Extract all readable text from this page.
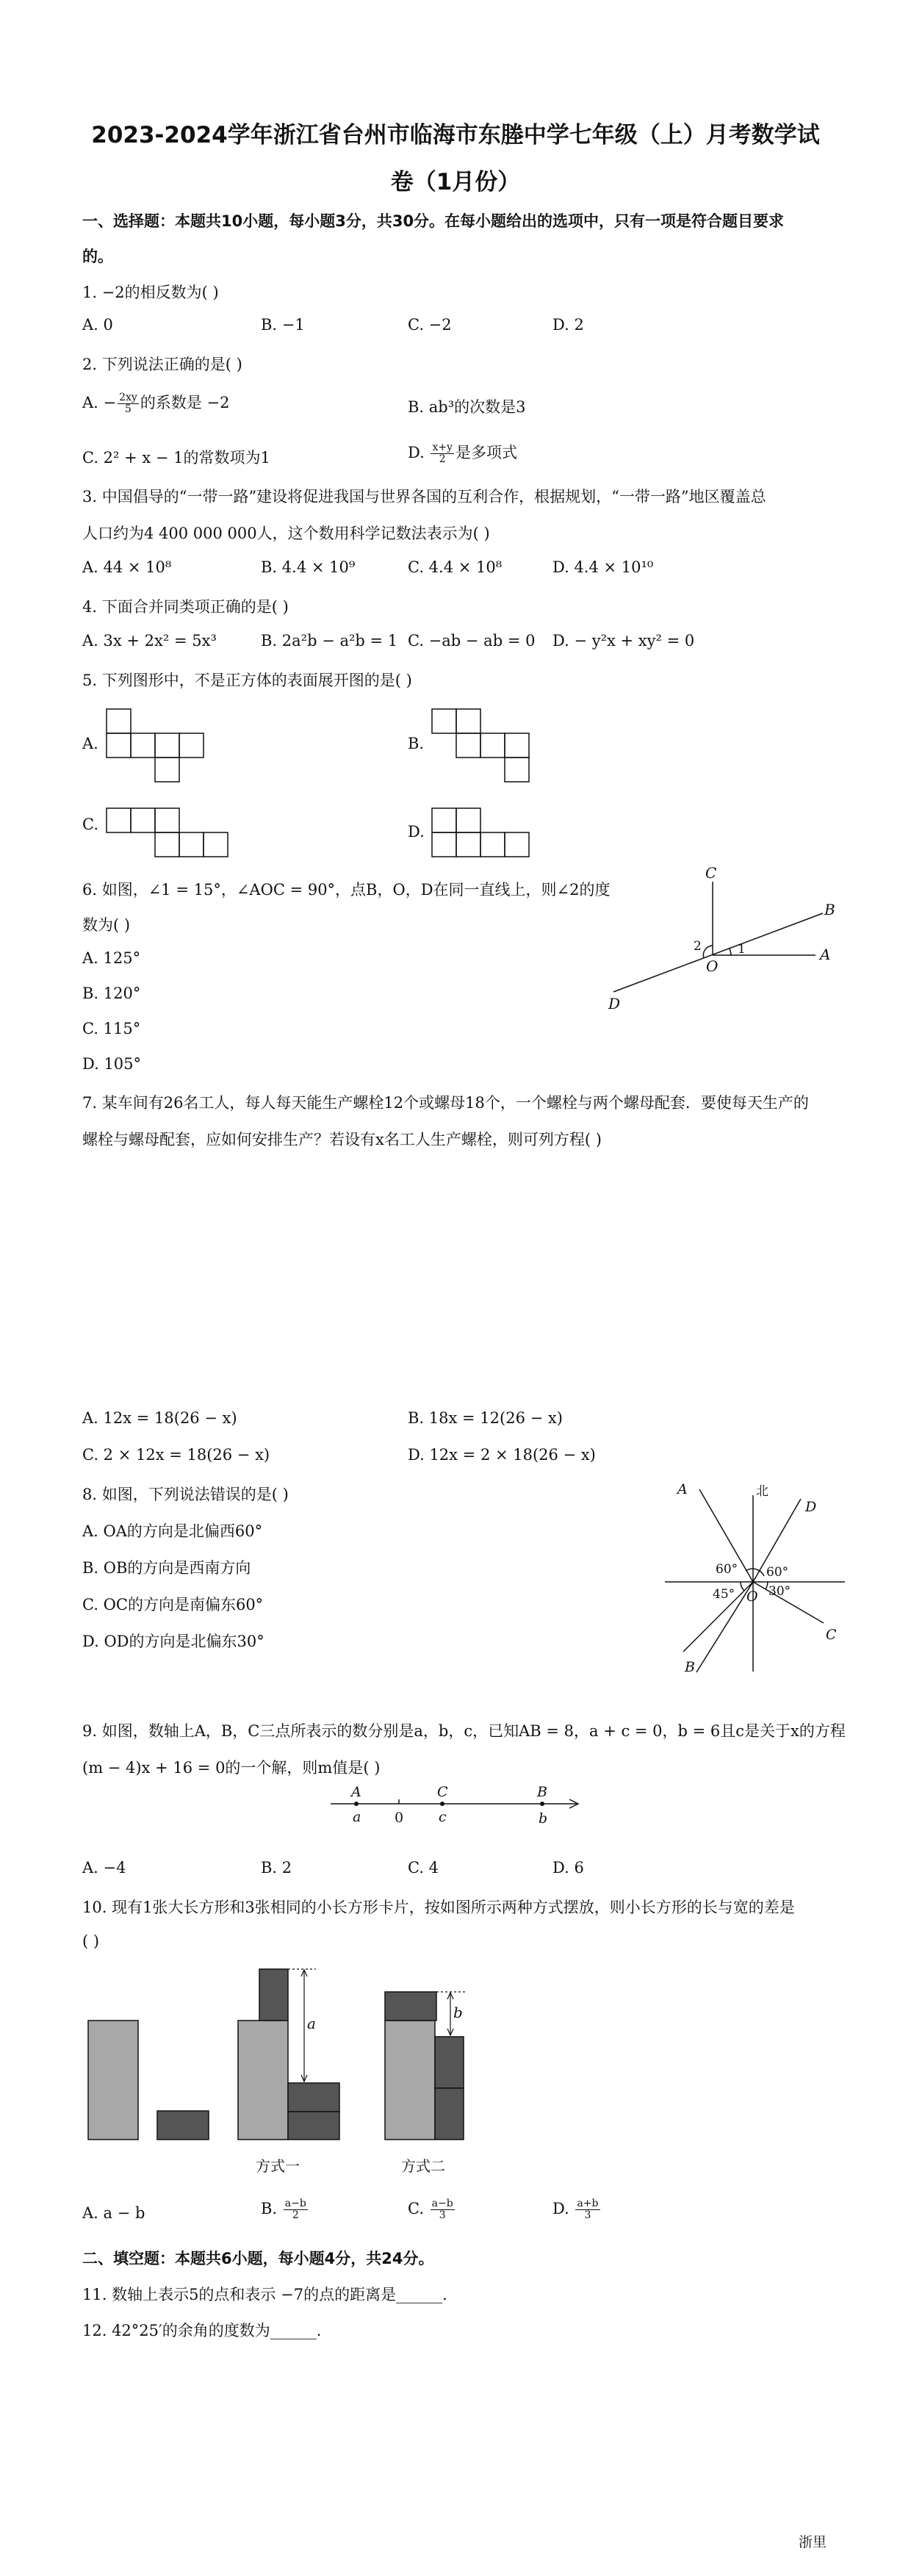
2023-2024学年浙江省台州市临海市东塍中学七年级（上）月考数学试
卷（1月份）
一、选择题：本题共10小题，每小题3分，共30分。在每小题给出的选项中，只有一项是符合题目要求
的。
1. −2的相反数为( )
A. 0	B. −1	C. −2	D. 2
2. 下列说法正确的是( )
A. − $\frac{2xy}{5}$ 的系数是 −2	B. ab³的次数是3
C. 2² + x − 1的常数项为1	D. $\frac{x+y}{2}$ 是多项式
3. 中国倡导的“一带一路”建设将促进我国与世界各国的互利合作，根据规划，“一带一路”地区覆盖总
人口约为4 400 000 000人，这个数用科学记数法表示为( )
A. 44 × 10⁸	B. 4.4 × 10⁹	C. 4.4 × 10⁸	D. 4.4 × 10¹⁰
4. 下面合并同类项正确的是( )
A. 3x + 2x² = 5x³	B. 2a²b − a²b = 1 C. −ab − ab = 0 D. − y²x + xy² = 0
5. 下列图形中，不是正方体的表面展开图的是( )
A.	B.
C.	D.
6. 如图，∠1 = 15°，∠AOC = 90°，点B，O，D在同一直线上，则∠2的度
数为( )
A. 125°
B. 120°
C. 115°
D. 105°
C
B
A
D
O
1
2
7. 某车间有26名工人，每人每天能生产螺栓12个或螺母18个，一个螺栓与两个螺母配套．要使每天生产的
螺栓与螺母配套，应如何安排生产？若设有x名工人生产螺栓，则可列方程( )
A. 12x = 18(26 − x)	B. 18x = 12(26 − x)
C. 2 × 12x = 18(26 − x)	D. 12x = 2 × 18(26 − x)
8. 如图，下列说法错误的是( )
A. OA的方向是北偏西60°
B. OB的方向是西南方向
C. OC的方向是南偏东60°
D. OD的方向是北偏东30°
A
D
C
B
O
北
60°
45°
60°
30°
9. 如图，数轴上A，B，C三点所表示的数分别是a，b，c，已知AB = 8，a + c = 0，b = 6且c是关于x的方程
(m − 4)x + 16 = 0的一个解，则m值是( )
A	C	B
a	c	b
0
A. −4	B. 2	C. 4	D. 6
10. 现有1张大长方形和3张相同的小长方形卡片，按如图所示两种方式摆放，则小长方形的长与宽的差是
( )
a
b
方式一	方式二
A. a − b	B. $\frac{a-b}{2}$	C. $\frac{a-b}{3}$	D. $\frac{a+b}{3}$
二、填空题：本题共6小题，每小题4分，共24分。
11. 数轴上表示5的点和表示 −7的点的距离是______.
12. 42°25′的余角的度数为______.
浙里
